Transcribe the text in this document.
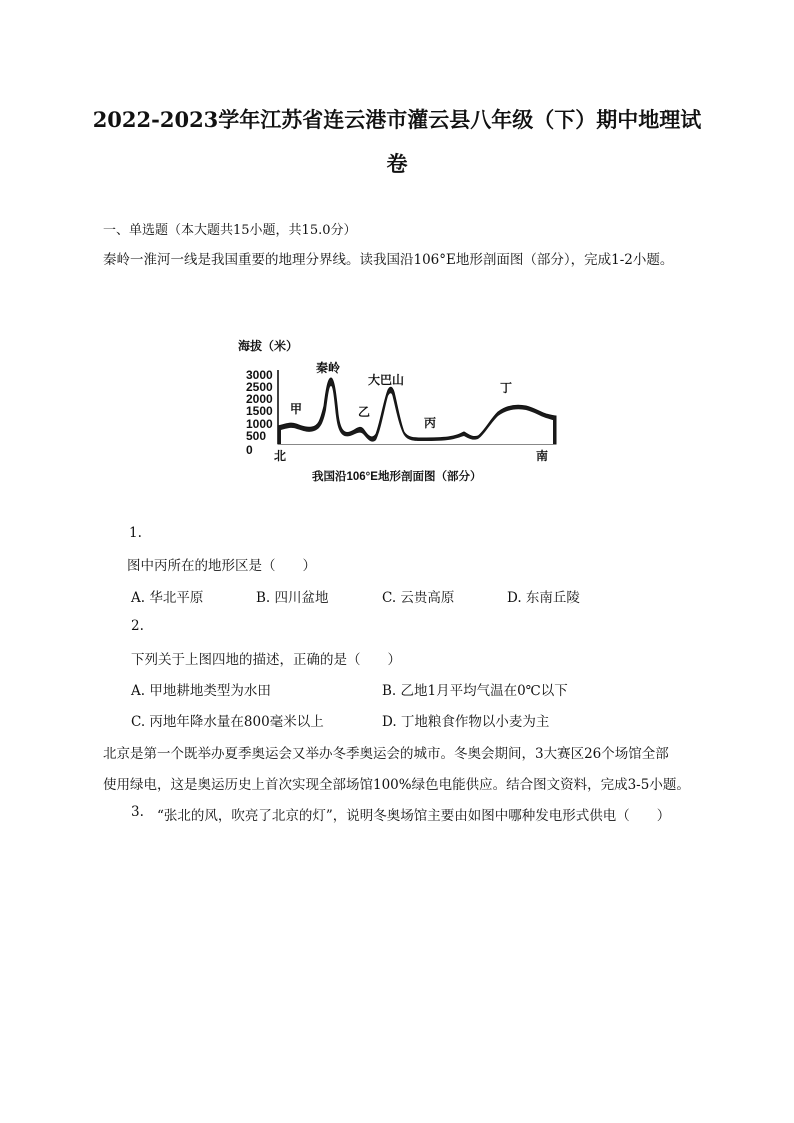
2022-2023学年江苏省连云港市灌云县八年级（下）期中地理试
卷
一、单选题（本大题共15小题，共15.0分）
秦岭一淮河一线是我国重要的地理分界线。读我国沿106°E地形剖面图（部分），完成1-2小题。
海拔（米）
3000
2500
2000
1500
1000
500
0
秦岭
大巴山
甲	乙
丙
丁
北	南
我国沿106°E地形剖面图（部分）
1.
图中丙所在的地形区是（　　）
A. 华北平原	B. 四川盆地	C. 云贵高原	D. 东南丘陵
2.
下列关于上图四地的描述，正确的是（　　）
A. 甲地耕地类型为水田	B. 乙地1月平均气温在0℃以下
C. 丙地年降水量在800毫米以上	D. 丁地粮食作物以小麦为主
北京是第一个既举办夏季奥运会又举办冬季奥运会的城市。冬奥会期间，3大赛区26个场馆全部
使用绿电，这是奥运历史上首次实现全部场馆100%绿色电能供应。结合图文资料，完成3-5小题。
3. “张北的风，吹亮了北京的灯”，说明冬奥场馆主要由如图中哪种发电形式供电（　　）
